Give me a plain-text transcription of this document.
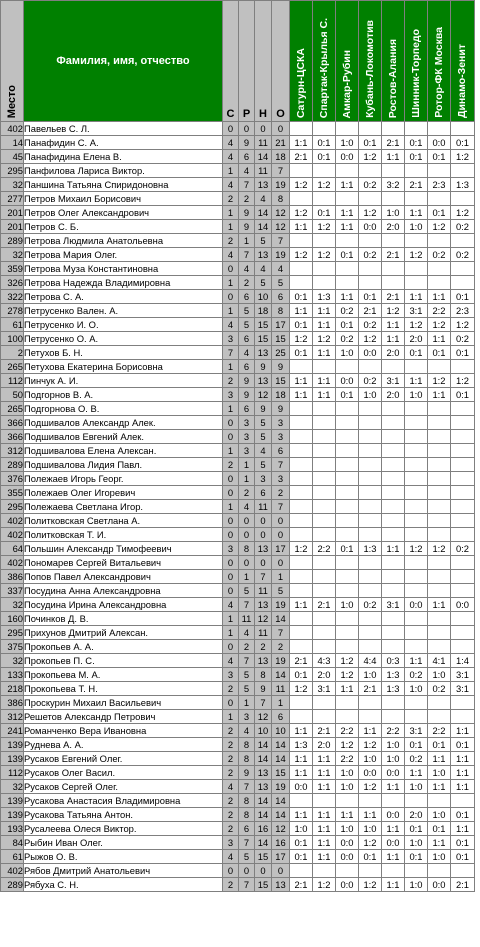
Место	Фамилия, имя, отчество	С	Р	Н	О	Сатурн-ЦСКА	Спартак-Крылья С.	Амкар-Рубин	Кубань-Локомотив	Ростов-Алания	Шинник-Торпедо	Ротор-ФК Москва	Динамо-Зенит
402	Павельев С. Л.	0	0	0	0								
14	Панафидин С. А.	4	9	11	21	1:1	0:1	1:0	0:1	2:1	0:1	0:0	0:1
45	Панафидина Елена В.	4	6	14	18	2:1	0:1	0:0	1:2	1:1	0:1	0:1	1:2
295	Панфилова Лариса Виктор.	1	4	11	7								
32	Паншина Татьяна Спиридоновна	4	7	13	19	1:2	1:2	1:1	0:2	3:2	2:1	2:3	1:3
277	Петров Михаил Борисович	2	2	4	8								
201	Петров Олег Александрович	1	9	14	12	1:2	0:1	1:1	1:2	1:0	1:1	0:1	1:2
201	Петров С. Б.	1	9	14	12	1:1	1:2	1:1	0:0	2:0	1:0	1:2	0:2
289	Петрова Людмила Анатольевна	2	1	5	7								
32	Петрова Мария Олег.	4	7	13	19	1:2	1:2	0:1	0:2	2:1	1:2	0:2	0:2
359	Петрова Муза Константиновна	0	4	4	4								
326	Петрова Надежда Владимировна	1	2	5	5								
322	Петрова С. А.	0	6	10	6	0:1	1:3	1:1	0:1	2:1	1:1	1:1	0:1
278	Петрусенко Вален. А.	1	5	18	8	1:1	1:1	0:2	2:1	1:2	3:1	2:2	2:3
61	Петрусенко И. О.	4	5	15	17	0:1	1:1	0:1	0:2	1:1	1:2	1:2	1:2
100	Петрусенко О. А.	3	6	15	15	1:2	1:2	0:2	1:2	1:1	2:0	1:1	0:2
2	Петухов Б. Н.	7	4	13	25	0:1	1:1	1:0	0:0	2:0	0:1	0:1	0:1
265	Петухова Екатерина Борисовна	1	6	9	9								
112	Пинчук А. И.	2	9	13	15	1:1	1:1	0:0	0:2	3:1	1:1	1:2	1:2
50	Подгорнов В. А.	3	9	12	18	1:1	1:1	0:1	1:0	2:0	1:0	1:1	0:1
265	Подгорнова О. В.	1	6	9	9								
366	Подшивалов Александр Алек.	0	3	5	3								
366	Подшивалов Евгений Алек.	0	3	5	3								
312	Подшивалова Елена Алексан.	1	3	4	6								
289	Подшивалова Лидия Павл.	2	1	5	7								
376	Полежаев Игорь Георг.	0	1	3	3								
355	Полежаев Олег Игоревич	0	2	6	2								
295	Полежаева Светлана Игор.	1	4	11	7								
402	Политковская Светлана А.	0	0	0	0								
402	Политковская Т. И.	0	0	0	0								
64	Польшин Александр Тимофеевич	3	8	13	17	1:2	2:2	0:1	1:3	1:1	1:2	1:2	0:2
402	Пономарев Сергей Витальевич	0	0	0	0								
386	Попов Павел Александрович	0	1	7	1								
337	Посудина Анна Александровна	0	5	11	5								
32	Посудина Ирина Александровна	4	7	13	19	1:1	2:1	1:0	0:2	3:1	0:0	1:1	0:0
160	Починков Д. В.	1	11	12	14								
295	Прихунов Дмитрий Алексан.	1	4	11	7								
375	Прокопьев А. А.	0	2	2	2								
32	Прокопьев П. С.	4	7	13	19	2:1	4:3	1:2	4:4	0:3	1:1	4:1	1:4
133	Прокопьева М. А.	3	5	8	14	0:1	2:0	1:2	1:0	1:3	0:2	1:0	3:1
218	Прокопьева Т. Н.	2	5	9	11	1:2	3:1	1:1	2:1	1:3	1:0	0:2	3:1
386	Проскурин Михаил Васильевич	0	1	7	1								
312	Решетов Александр Петрович	1	3	12	6								
241	Романченко Вера Ивановна	2	4	10	10	1:1	2:1	2:2	1:1	2:2	3:1	2:2	1:1
139	Руднева А. А.	2	8	14	14	1:3	2:0	1:2	1:2	1:0	0:1	0:1	0:1
139	Русаков Евгений Олег.	2	8	14	14	1:1	1:1	2:2	1:0	1:0	0:2	1:1	1:1
112	Русаков Олег Васил.	2	9	13	15	1:1	1:1	1:0	0:0	0:0	1:1	1:0	1:1
32	Русаков Сергей Олег.	4	7	13	19	0:0	1:1	1:0	1:2	1:1	1:0	1:1	1:1
139	Русакова Анастасия Владимировна	2	8	14	14								
139	Русакова Татьяна Антон.	2	8	14	14	1:1	1:1	1:1	1:1	0:0	2:0	1:0	0:1
193	Русалеева Олеся Виктор.	2	6	16	12	1:0	1:1	1:0	1:0	1:1	0:1	0:1	1:1
84	Рыбин Иван Олег.	3	7	14	16	0:1	1:1	0:0	1:2	0:0	1:0	1:1	0:1
61	Рыжов О. В.	4	5	15	17	0:1	1:1	0:0	0:1	1:1	0:1	1:0	0:1
402	Рябов Дмитрий Анатольевич	0	0	0	0								
289	Рябуха С. Н.	2	7	15	13	2:1	1:2	0:0	1:2	1:1	1:0	0:0	2:1
